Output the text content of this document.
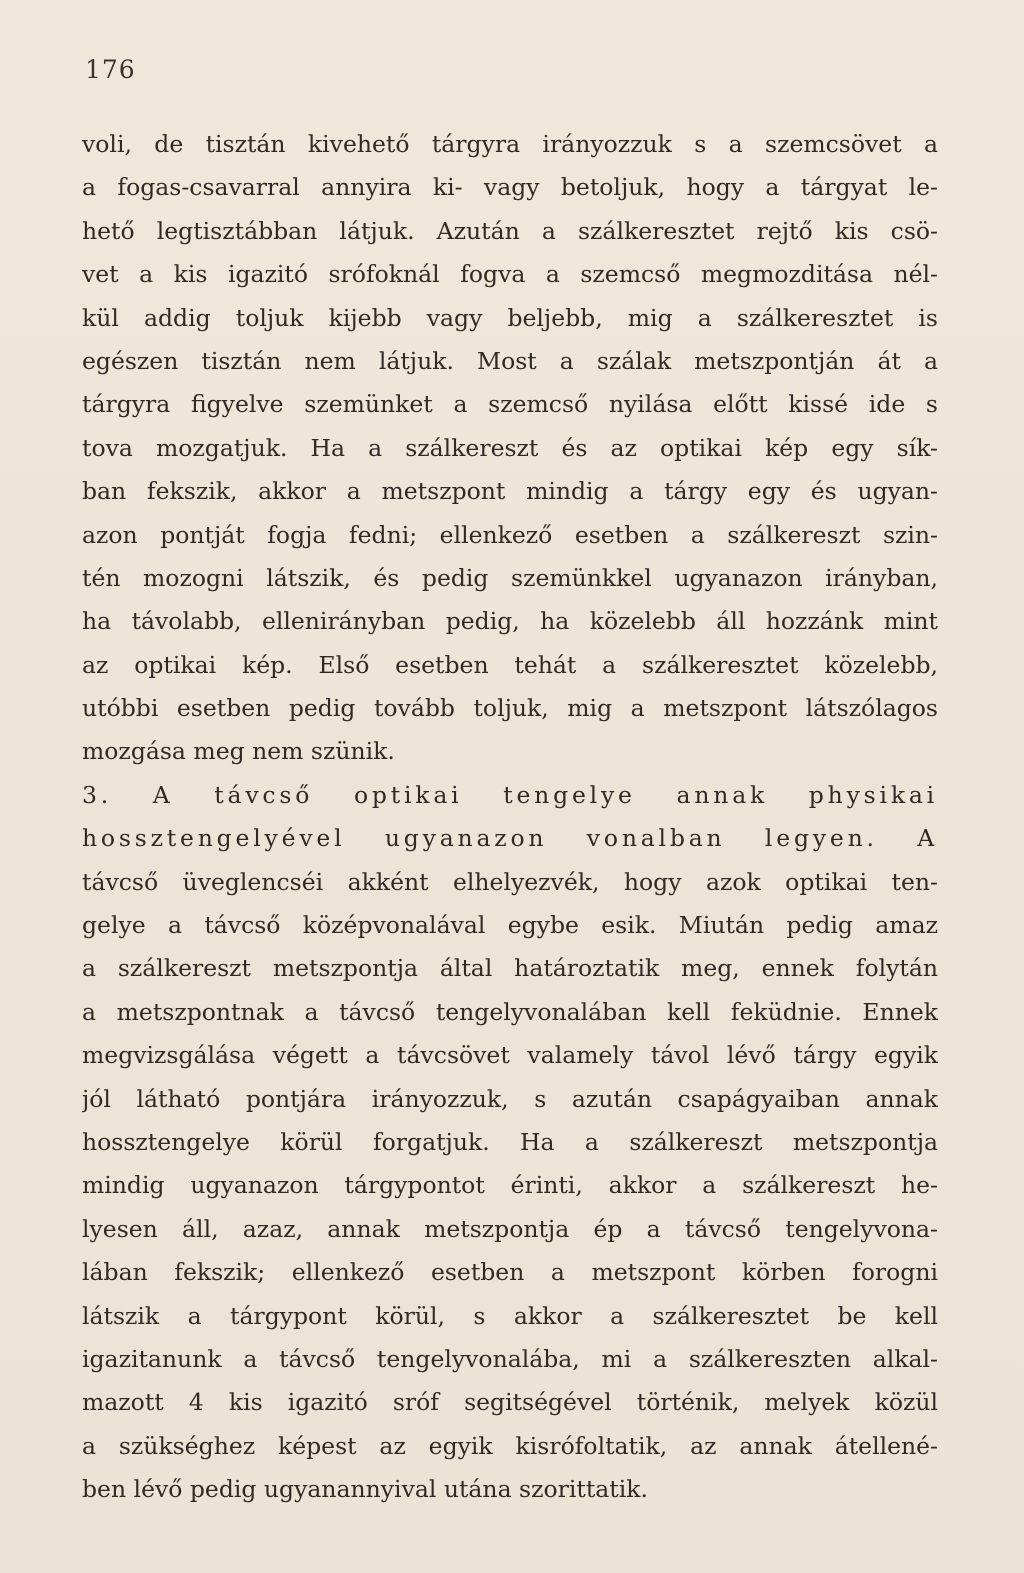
176
voli, de tisztán kivehető tárgyra irányozzuk s a szemcsövet a
a fogas-csavarral annyira ki- vagy betoljuk, hogy a tárgyat le-
hető legtisztábban látjuk. Azután a szálkeresztet rejtő kis csö-
vet a kis igazitó srófoknál fogva a szemcső megmozditása nél-
kül addig toljuk kijebb vagy beljebb, mig a szálkeresztet is
egészen tisztán nem látjuk. Most a szálak metszpontján át a
tárgyra figyelve szemünket a szemcső nyilása előtt kissé ide s
tova mozgatjuk. Ha a szálkereszt és az optikai kép egy sík-
ban fekszik, akkor a metszpont mindig a tárgy egy és ugyan-
azon pontját fogja fedni; ellenkező esetben a szálkereszt szin-
tén mozogni látszik, és pedig szemünkkel ugyanazon irányban,
ha távolabb, ellenirányban pedig, ha közelebb áll hozzánk mint
az optikai kép. Első esetben tehát a szálkeresztet közelebb,
utóbbi esetben pedig tovább toljuk, mig a metszpont látszólagos
mozgása meg nem szünik.
3. A távcső optikai tengelye annak physikai
hossztengelyével ugyanazon vonalban legyen. A
távcső üveglencséi akként elhelyezvék, hogy azok optikai ten-
gelye a távcső középvonalával egybe esik. Miután pedig amaz
a szálkereszt metszpontja által határoztatik meg, ennek folytán
a metszpontnak a távcső tengelyvonalában kell feküdnie. Ennek
megvizsgálása végett a távcsövet valamely távol lévő tárgy egyik
jól látható pontjára irányozzuk, s azután csapágyaiban annak
hossztengelye körül forgatjuk. Ha a szálkereszt metszpontja
mindig ugyanazon tárgypontot érinti, akkor a szálkereszt he-
lyesen áll, azaz, annak metszpontja ép a távcső tengelyvona-
lában fekszik; ellenkező esetben a metszpont körben forogni
látszik a tárgypont körül, s akkor a szálkeresztet be kell
igazitanunk a távcső tengelyvonalába, mi a szálkereszten alkal-
mazott 4 kis igazitó sróf segitségével történik, melyek közül
a szükséghez képest az egyik kisrófoltatik, az annak átellené-
ben lévő pedig ugyanannyival utána szorittatik.
